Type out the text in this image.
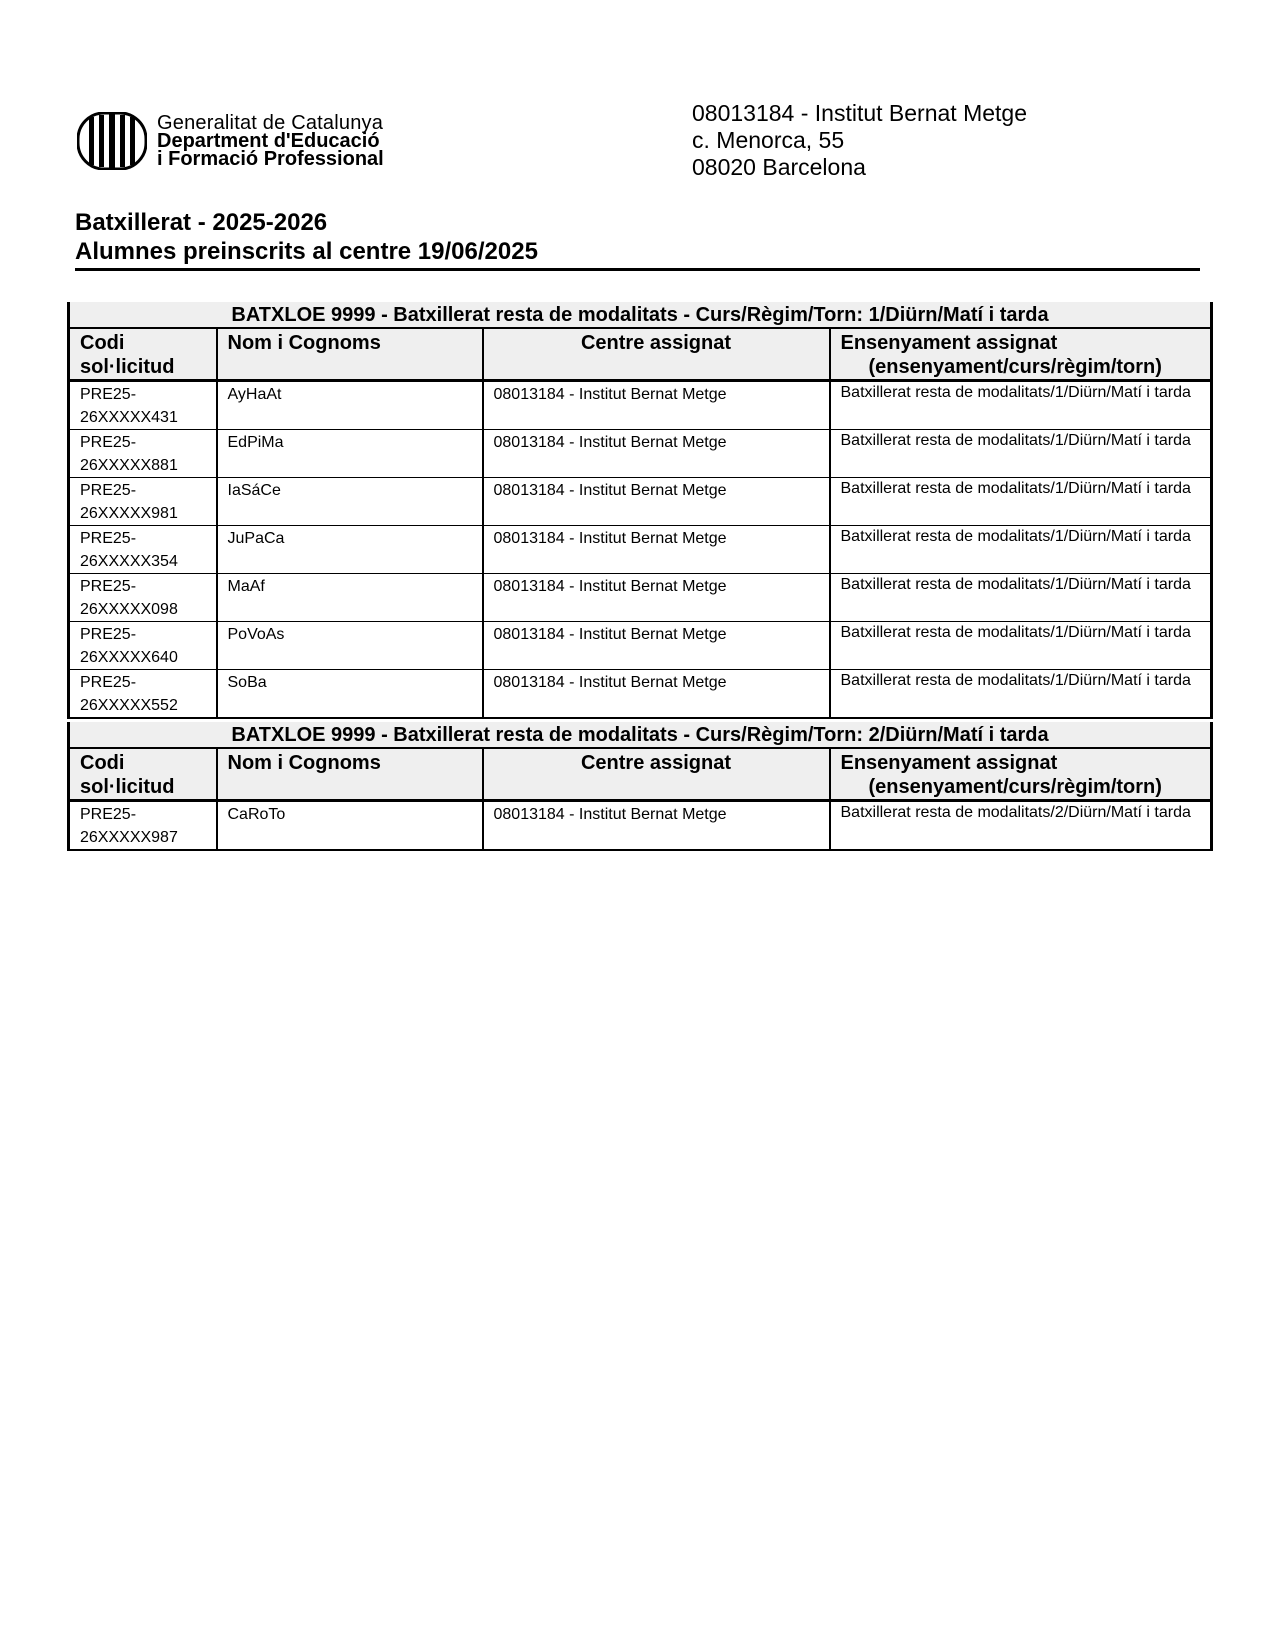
Generalitat de Catalunya
Department d'Educació
i Formació Professional
08013184 - Institut Bernat Metge
c. Menorca, 55
08020 Barcelona
Batxillerat - 2025-2026
Alumnes preinscrits al centre 19/06/2025
BATXLOE 9999 - Batxillerat resta de modalitats - Curs/Règim/Torn: 1/Diürn/Matí i tarda			
Codi
sol·licitud	Nom i Cognoms	Centre assignat	Ensenyament assignat
(ensenyament/curs/règim/torn)

PRE25-
26XXXXX431	AyHaAt	08013184 - Institut Bernat Metge	Batxillerat resta de modalitats/1/Diürn/Matí i tarda
PRE25-
26XXXXX881	EdPiMa	08013184 - Institut Bernat Metge	Batxillerat resta de modalitats/1/Diürn/Matí i tarda
PRE25-
26XXXXX981	IaSáCe	08013184 - Institut Bernat Metge	Batxillerat resta de modalitats/1/Diürn/Matí i tarda
PRE25-
26XXXXX354	JuPaCa	08013184 - Institut Bernat Metge	Batxillerat resta de modalitats/1/Diürn/Matí i tarda
PRE25-
26XXXXX098	MaAf	08013184 - Institut Bernat Metge	Batxillerat resta de modalitats/1/Diürn/Matí i tarda
PRE25-
26XXXXX640	PoVoAs	08013184 - Institut Bernat Metge	Batxillerat resta de modalitats/1/Diürn/Matí i tarda
PRE25-
26XXXXX552	SoBa	08013184 - Institut Bernat Metge	Batxillerat resta de modalitats/1/Diürn/Matí i tarda
BATXLOE 9999 - Batxillerat resta de modalitats - Curs/Règim/Torn: 2/Diürn/Matí i tarda			
Codi
sol·licitud	Nom i Cognoms	Centre assignat	Ensenyament assignat
(ensenyament/curs/règim/torn)

PRE25-
26XXXXX987	CaRoTo	08013184 - Institut Bernat Metge	Batxillerat resta de modalitats/2/Diürn/Matí i tarda
